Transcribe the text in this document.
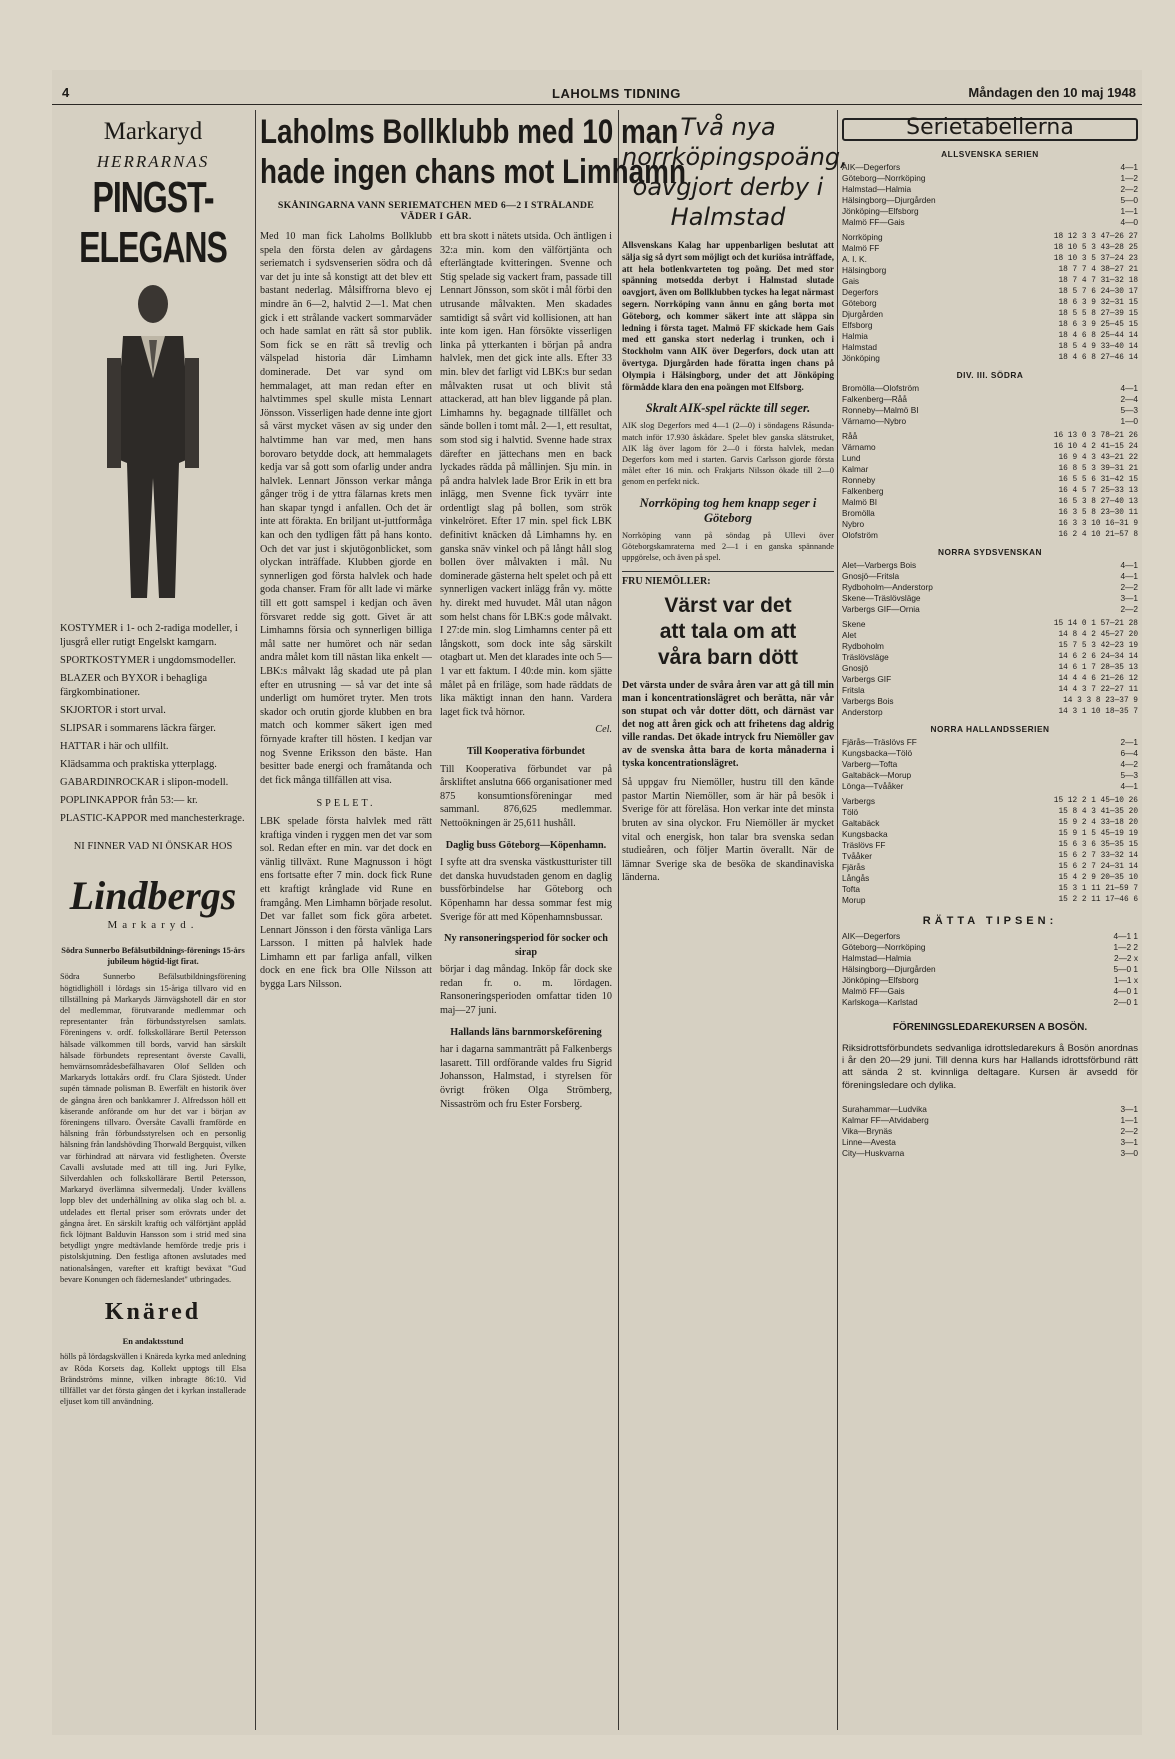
4	LAHOLMS TIDNING	Måndagen den 10 maj 1948
Markaryd
HERRARNAS
PINGST-ELEGANS

KOSTYMER i 1- och 2-radiga modeller, i ljusgrå eller rutigt Engelskt kamgarn.

SPORTKOSTYMER i ungdomsmodeller.

BLAZER och BYXOR i behagliga färgkombinationer.

SKJORTOR i stort urval.

SLIPSAR i sommarens läckra färger.

HATTAR i här och ullfilt.

Klädsamma och praktiska ytterplagg.

GABARDINROCKAR i slipon-modell.

POPLINKAPPOR från 53:— kr.

PLASTIC-KAPPOR med manchesterkrage.

NI FINNER VAD NI ÖNSKAR HOS
Lindbergs
Markaryd.

Södra Sunnerbo Befälsutbildnings-förenings 15-års jubileum högtid-ligt firat.

Södra Sunnerbo Befälsutbildningsförening högtidlighöll i lördags sin 15-åriga tillvaro vid en tillställning på Markaryds Järnvägshotell där en stor del medlemmar, förutvarande medlemmar och representanter från förbundsstyrelsen samlats. Föreningens v. ordf. folkskollärare Bertil Petersson hälsade välkommen till bords, varvid han särskilt hälsade förbundets representant överste Cavalli, hemvärnsområdesbefälhavaren Olof Sellden och Markaryds lottakårs ordf. fru Clara Sjöstedt. Under supén tämnade polisman B. Ewerfält en historik över de gångna åren och bankkamrer J. Alfredsson höll ett käserande anförande om hur det var i början av föreningens tillvaro. Översåte Cavalli framförde en hälsning från förbundsstyrelsen och en personlig hälsning från landshövding Thorwald Bergquist, vilken var förhindrad att närvara vid festligheten. Överste Cavalli avslutade med att till ing. Juri Fylke, Silverdahlen och folkskollärare Bertil Petersson, Markaryd överlämna silvermedalj. Under kvällens lopp blev det underhållning av olika slag och bl. a. utdelades ett flertal priser som erövrats under det gångna året. En särskilt kraftig och välförtjänt applåd fick löjtnant Balduvin Hansson som i strid med sina betydligt yngre medtävlande hemförde tredje pris i pistolskjutning. Den festliga aftonen avslutades med nationalsången, varefter ett kraftigt beväxat "Gud bevare Konungen och fäderneslandet" utbringades.

Knäred

En andaktsstund

hölls på lördagskvällen i Knäreda kyrka med anledning av Röda Korsets dag. Kollekt upptogs till Elsa Brändströms minne, vilken inbragte 86:10. Vid tillfället var det första gången det i kyrkan installerade eljuset kom till användning.

Laholms Bollklubb med 10 man
hade ingen chans mot Limhamn
SKÅNINGARNA VANN SERIEMATCHEN MED 6—2 I STRÅLANDE VÄDER I GÅR.

Med 10 man fick Laholms Bollklubb spela den första delen av gårdagens seriematch i sydsvenserien södra och då var det ju inte så konstigt att det blev ett bastant nederlag. Målsiffrorna blevo ej mindre än 6—2, halvtid 2—1. Mat chen gick i ett strålande vackert sommarväder och hade samlat en rätt så stor publik. Som fick se en rätt så trevlig och välspelad historia där Limhamn dominerade. Det var synd om hemmalaget, att man redan efter en halvtimmes spel skulle mista Lennart Jönsson. Visserligen hade denne inte gjort så värst mycket väsen av sig under den halvtimme han var med, men hans borovaro betydde dock, att hemmalagets kedja var så gott som ofarlig under andra halvlek. Lennart Jönsson verkar många gånger trög i de yttra fälarnas krets men han skapar tyngd i anfallen. Och det är inte att förakta. En briljant ut-juttformåga kan och den tydligen fått på hans konto. Och det var just i skjutögonblicket, som olyckan inträffade. Klubben gjorde en synnerligen god första halvlek och hade goda chanser. Fram för allt lade vi märke till ett gott samspel i kedjan och även försvaret redde sig gott. Givet är att Limhamns försia och synnerligen billiga mål satte ner humöret och när sedan andra målet kom till nästan lika enkelt — LBK:s målvakt låg skadad ute på plan efter en utrusning — så var det inte så underligt om humöret tryter. Men trots skador och orutin gjorde klubben en bra match och kommer säkert igen med förnyade krafter till hösten. I kedjan var nog Svenne Eriksson den bäste. Han besitter bade energi och framåtanda och det fick många tillfällen att visa.

SPELET.

LBK spelade första halvlek med rätt kraftiga vinden i ryggen men det var som sol. Redan efter en min. var det dock en vänlig tillväxt. Rune Magnusson i högt ens fortsatte efter 7 min. dock fick Rune ett kraftigt krånglade vid Rune en framgång. Men Limhamn började resolut. Det var fallet som fick göra arbetet. Lennart Jönsson i den första vänliga Lars Larsson. I mitten på halvlek hade Limhamn ett par farliga anfall, vilken dock en ene fick bra Olle Nilsson att bygga Lars Nilsson.

ett bra skott i nätets utsida. Och äntligen i 32:a min. kom den välförtjänta och efterlängtade kvitteringen. Svenne och Stig spelade sig vackert fram, passade till Lennart Jönsson, som sköt i mål förbi den utrusande målvakten. Men skadades samtidigt så svårt vid kollisionen, att han inte kom igen. Han försökte visserligen linka på ytterkanten i början på andra halvlek, men det gick inte alls. Efter 33 min. blev det farligt vid LBK:s bur sedan målvakten rusat ut och blivit stå attackerad, att han blev liggande på plan. Limhamns hy. begagnade tillfället och sände bollen i tomt mål. 2—1, ett resultat, som stod sig i halvtid. Svenne hade strax därefter en jättechans men en back lyckades rädda på mållinjen. Sju min. in på andra halvlek lade Bror Erik in ett bra inlägg, men Svenne fick tyvärr inte ordentligt slag på bollen, som strök vinkelröret. Efter 17 min. spel fick LBK definitivt knäcken då Limhamns hy. en ganska snäv vinkel och på långt håll slog bollen över målvakten i mål. Nu dominerade gästerna helt spelet och på ett synnerligen vackert inlägg från vy. mötte hy. direkt med huvudet. Mål utan någon som helst chans för LBK:s gode målvakt. I 27:de min. slog Limhamns center på ett långskott, som dock inte såg särskilt otagbart ut. Men det klarades inte och 5—1 var ett faktum. I 40:de min. kom sjätte målet på en friläge, som hade räddats de lika mäktigt innan den hann. Vardera laget fick två hörnor.

Cel.

Till Kooperativa förbundet

Till Kooperativa förbundet var på årskliftet anslutna 666 organisationer med 875 konsumtionsföreningar med sammanl. 876,625 medlemmar. Nettoökningen är 25,611 hushåll.

Daglig buss Göteborg—Köpenhamn.

I syfte att dra svenska västkustturister till det danska huvudstaden genom en daglig bussförbindelse har Göteborg och Köpenhamn har dessa sommar fest mig Sverige för att med Köpenhamnsbussar.

Ny ransoneringsperiod för socker och sirap

börjar i dag måndag. Inköp får dock ske redan fr. o. m. lördagen. Ransoneringsperioden omfattar tiden 10 maj—27 juni.

Hallands läns barnmorskeförening

har i dagarna sammanträtt på Falkenbergs lasarett. Till ordförande valdes fru Sigrid Johansson, Halmstad, i styrelsen för övrigt fröken Olga Strömberg, Nissaström och fru Ester Forsberg.

Två nya norrköpingspoäng,
oavgjort derby i Halmstad
Allsvenskans Kalag har uppenbarligen beslutat att sälja sig så dyrt som möjligt och det kuriösa inträffade, att hela botlenkvarteten tog poäng. Det med stor spänning motsedda derbyt i Halmstad slutade oavgjort, även om Bollklubben tyckes ha legat närmast segern. Norrköping vann ännu en gång borta mot Göteborg, och kommer säkert inte att släppa sin ledning i första taget. Malmö FF skickade hem Gais med ett ganska stort nederlag i trunken, och i Stockholm vann AIK över Degerfors, dock utan att övertyga. Djurgården hade föratta ingen chans på Olympia i Hälsingborg, under det att Jönköping förmådde klara den ena poängen mot Elfsborg.
Skralt AIK-spel räckte till seger.
AIK slog Degerfors med 4—1 (2—0) i söndagens Råsunda-match inför 17.930 åskådare. Spelet blev ganska slätstruket, AIK låg över lagom för 2—0 i första halvlek, medan Degerfors kom med i starten. Garvis Carlsson gjorde första målet efter 16 min. och Frakjarts Nilsson ökade till 2—0 genom en perfekt nick.
Norrköping tog hem knapp seger i Göteborg
Norrköping vann på söndag på Ullevi över Göteborgskamraterna med 2—1 i en ganska spännande uppgörelse, och även på spel.
FRU NIEMÖLLER:
Värst var det
att tala om att
våra barn dött
Det värsta under de svåra åren var att gå till min man i koncentrationslägret och berätta, när vår son stupat och vår dotter dött, och därnäst var det nog att åren gick och att frihetens dag aldrig ville randas. Det ökade intryck fru Niemöller gav av de svenska åtta bara de korta månaderna i tyska koncentrationslägret.
Så uppgav fru Niemöller, hustru till den kände pastor Martin Niemöller, som är här på besök i Sverige för att föreläsa. Hon verkar inte det minsta bruten av sina olyckor. Fru Niemöller är mycket vital och energisk, hon talar bra svenska sedan studieåren, och följer Martin överallt. När de lämnar Sverige ska de besöka de skandinaviska länderna.
Serietabellerna
ALLSVENSKA SERIEN
AIK—Degerfors	4—1
Göteborg—Norrköping	1—2
Halmstad—Halmia	2—2
Hälsingborg—Djurgården	5—0
Jönköping—Elfsborg	1—1
Malmö FF—Gais	4—0
Norrköping	18 12 3 3 47—26 27
Malmö FF	18 10 5 3 43—28 25
A. I. K.	18 10 3 5 37—24 23
Hälsingborg	18 7 7 4 38—27 21
Gais	18 7 4 7 31—32 18
Degerfors	18 5 7 6 24—30 17
Göteborg	18 6 3 9 32—31 15
Djurgården	18 5 5 8 27—39 15
Elfsborg	18 6 3 9 25—45 15
Halmia	18 4 6 8 25—44 14
Halmstad	18 5 4 9 33—40 14
Jönköping	18 4 6 8 27—46 14
DIV. III. SÖDRA
Bromölla—Olofström	4—1
Falkenberg—Råå	2—4
Ronneby—Malmö BI	5—3
Värnamo—Nybro	1—0
Råå	16 13 0 3 78—21 26
Värnamo	16 10 4 2 41—15 24
Lund	16 9 4 3 43—21 22
Kalmar	16 8 5 3 39—31 21
Ronneby	16 5 5 6 31—42 15
Falkenberg	16 4 5 7 25—33 13
Malmö BI	16 5 3 8 27—40 13
Bromölla	16 3 5 8 23—30 11
Nybro	16 3 3 10 16—31 9
Olofström	16 2 4 10 21—57 8
NORRA SYDSVENSKAN
Alet—Varbergs Bois	4—1
Gnosjö—Fritsla	4—1
Rydboholm—Anderstorp	2—2
Skene—Träslövsläge	3—1
Varbergs GIF—Ornia	2—2
Skene	15 14 0 1 57—21 28
Alet	14 8 4 2 45—27 20
Rydboholm	15 7 5 3 42—23 19
Träslövsläge	14 6 2 6 24—34 14
Gnosjö	14 6 1 7 28—35 13
Varbergs GIF	14 4 4 6 21—26 12
Fritsla	14 4 3 7 22—27 11
Varbergs Bois	14 3 3 8 23—37 9
Anderstorp	14 3 1 10 18—35 7
NORRA HALLANDSSERIEN
Fjärås—Träslövs FF	2—1
Kungsbacka—Tölö	6—4
Varberg—Tofta	4—2
Galtabäck—Morup	5—3
Lönga—Tvååker	4—1
Varbergs	15 12 2 1 45—10 26
Tölö	15 8 4 3 41—35 20
Galtabäck	15 9 2 4 33—18 20
Kungsbacka	15 9 1 5 45—19 19
Träslövs FF	15 6 3 6 35—35 15
Tvååker	15 6 2 7 33—32 14
Fjärås	15 6 2 7 24—31 14
Långås	15 4 2 9 20—35 10
Tofta	15 3 1 11 21—59 7
Morup	15 2 2 11 17—46 6
RÄTTA TIPSEN:
AIK—Degerfors	4—1 1
Göteborg—Norrköping	1—2 2
Halmstad—Halmia	2—2 x
Hälsingborg—Djurgården	5—0 1
Jönköping—Elfsborg	1—1 x
Malmö FF—Gais	4—0 1
Karlskoga—Karlstad	2—0 1
FÖRENINGSLEDAREKURSEN A BOSÖN.
Riksidrottsförbundets sedvanliga idrottsledarekurs å Bosön anordnas i år den 20—29 juni. Till denna kurs har Hallands idrottsförbund rätt att sända 2 st. kvinnliga deltagare. Kursen är avsedd för föreningsledare och dylika.
Surahammar—Ludvika	3—1
Kalmar FF—Atvidaberg	1—1
Vika—Brynäs	2—2
Linne—Avesta	3—1
City—Huskvarna	3—0
